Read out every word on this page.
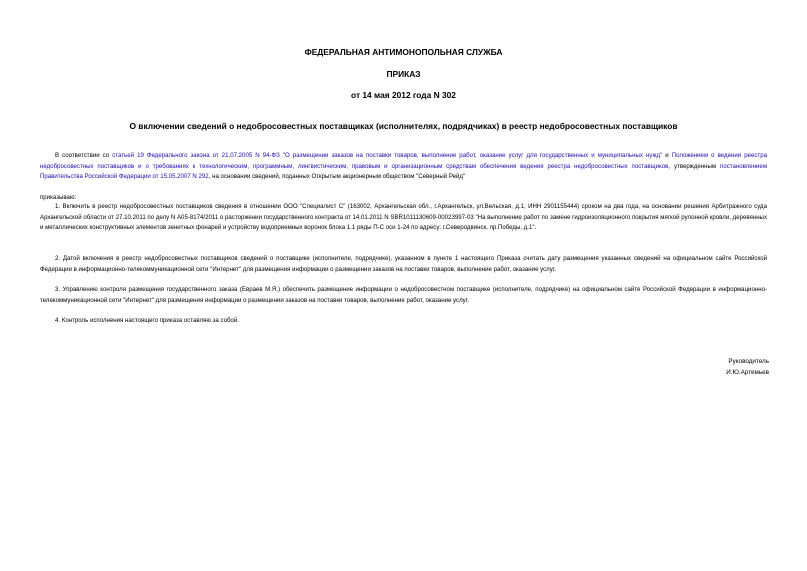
ФЕДЕРАЛЬНАЯ АНТИМОНОПОЛЬНАЯ СЛУЖБА
ПРИКАЗ
от 14 мая 2012 года N 302
О включении сведений о недобросовестных поставщиках (исполнителях, подрядчиках) в реестр недобросовестных поставщиков
В соответствии со статьей 19 Федерального закона от 21.07.2005 N 94-ФЗ "О размещении заказов на поставки товаров, выполнение работ, оказание услуг для государственных и муниципальных нужд" и Положением о ведении реестра недобросовестных поставщиков и о требованиях к технологическим, программным, лингвистическим, правовым и организационным средствам обеспечения ведения реестра недобросовестных поставщиков, утвержденным постановлением Правительства Российской Федерации от 15.05.2007 N 292, на основании сведений, поданных Открытым акционерным обществом "Северный Рейд"
приказываю:
1. Включить в реестр недобросовестных поставщиков сведения в отношении ООО "Специалист С" (163002, Архангельская обл., г.Архангельск, ул.Вельская, д.1, ИНН 2901155444) сроком на два года, на основании решения Арбитражного суда Архангельской области от 27.10.2011 по делу N А05-8174/2011 о расторжении государственного контракта от 14.01.2011 N SBR1011130609-00023997-03 "На выполнение работ по замене гидроизоляционного покрытия мягкой рулонной кровли, деревянных и металлических конструктивных элементов зенитных фонарей и устройству водоприемных воронок блока 1.1 ряды П-С оси 1-24 по адресу: г.Северодвинск, пр.Победы, д.1".
2. Датой включения в реестр недобросовестных поставщиков сведений о поставщике (исполнителе, подрядчике), указанном в пункте 1 настоящего Приказа считать дату размещения указанных сведений на официальном сайте Российской Федерации в информационно-телекоммуникационной сети "Интернет" для размещения информации о размещении заказов на поставки товаров, выполнение работ, оказание услуг.
3. Управлению контроля размещения государственного заказа (Евраев М.Я.) обеспечить размещение информации о недобросовестном поставщике (исполнителе, подрядчике) на официальном сайте Российской Федерации в информационно-телекоммуникационной сети "Интернет" для размещения информации о размещении заказов на поставки товаров, выполнение работ, оказание услуг.
4. Контроль исполнения настоящего приказа оставляю за собой.
Руководитель
И.Ю.Артемьев
